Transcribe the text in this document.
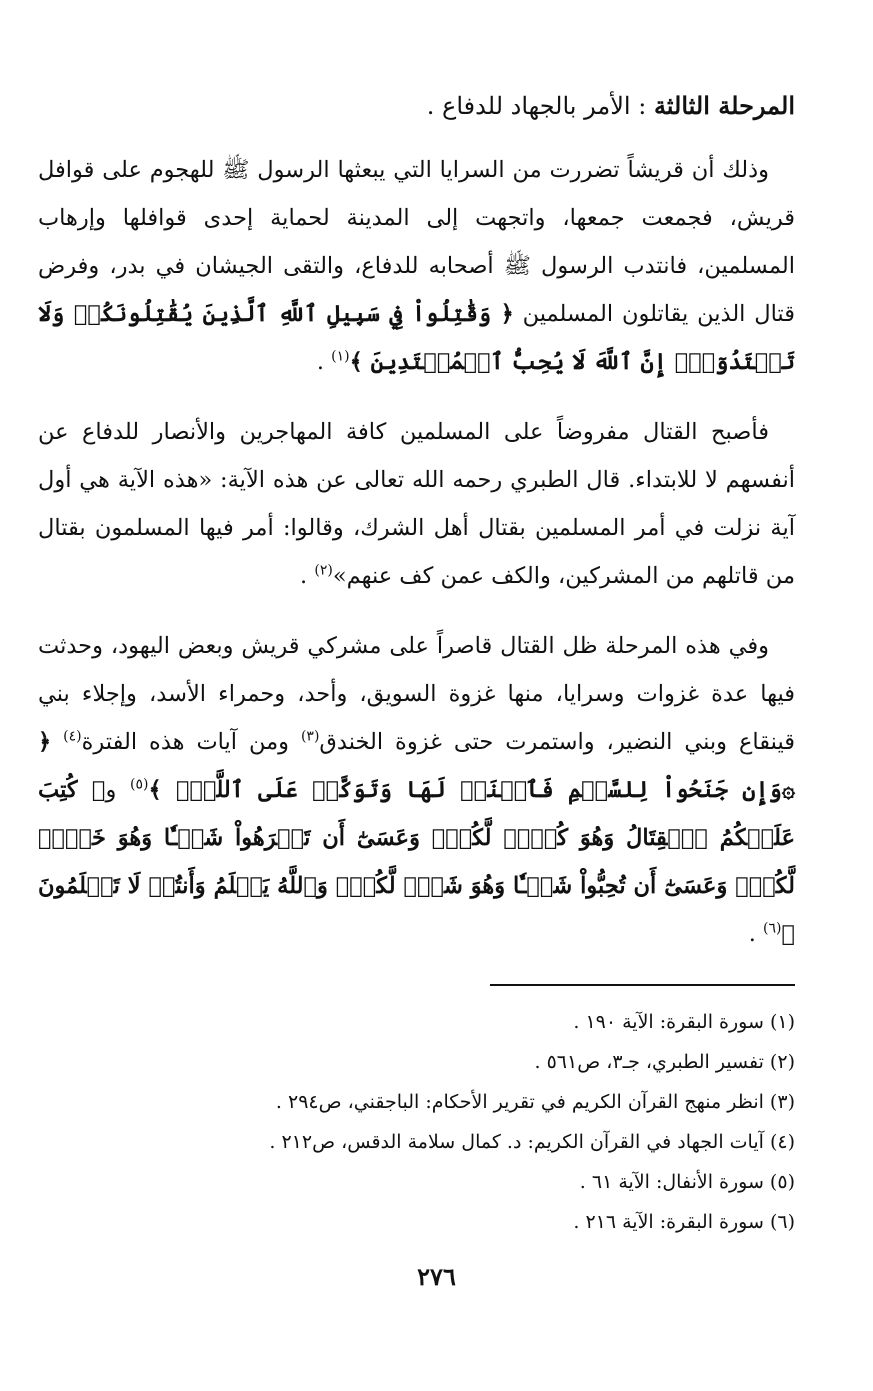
المرحلة الثالثة : الأمر بالجهاد للدفاع .

وذلك أن قريشاً تضررت من السرايا التي يبعثها الرسول ﷺ للهجوم على قوافل قريش، فجمعت جمعها، واتجهت إلى المدينة لحماية إحدى قوافلها وإرهاب المسلمين، فانتدب الرسول ﷺ أصحابه للدفاع، والتقى الجيشان في بدر، وفرض قتال الذين يقاتلون المسلمين ﴿ وَقَٰتِلُواْ فِي سَبِيلِ ٱللَّهِ ٱلَّذِينَ يُقَٰتِلُونَكُمۡ وَلَا تَعۡتَدُوٓاْۚ إِنَّ ٱللَّهَ لَا يُحِبُّ ٱلۡمُعۡتَدِينَ ﴾$^{(١)}$ .

فأصبح القتال مفروضاً على المسلمين كافة المهاجرين والأنصار للدفاع عن أنفسهم لا للابتداء. قال الطبري رحمه الله تعالى عن هذه الآية: «هذه الآية هي أول آية نزلت في أمر المسلمين بقتال أهل الشرك، وقالوا: أمر فيها المسلمون بقتال من قاتلهم من المشركين، والكف عمن كف عنهم»$^{(٢)}$ .

وفي هذه المرحلة ظل القتال قاصراً على مشركي قريش وبعض اليهود، وحدثت فيها عدة غزوات وسرايا، منها غزوة السويق، وأحد، وحمراء الأسد، وإجلاء بني قينقاع وبني النضير، واستمرت حتى غزوة الخندق$^{(٣)}$ ومن آيات هذه الفترة$^{(٤)}$ ﴿ ۞وَإِن جَنَحُواْ لِلسَّلۡمِ فَٱجۡنَحۡ لَهَا وَتَوَكَّلۡ عَلَى ٱللَّهِۚ ﴾$^{(٥)}$ و﴿ كُتِبَ عَلَيۡكُمُ ٱلۡقِتَالُ وَهُوَ كُرۡهٞ لَّكُمۡۖ وَعَسَىٰٓ أَن تَكۡرَهُواْ شَيۡـٔٗا وَهُوَ خَيۡرٞ لَّكُمۡۖ وَعَسَىٰٓ أَن تُحِبُّواْ شَيۡـٔٗا وَهُوَ شَرّٞ لَّكُمۡۚ وَٱللَّهُ يَعۡلَمُ وَأَنتُمۡ لَا تَعۡلَمُونَ ﴾$^{(٦)}$ .

(١) سورة البقرة: الآية ١٩٠ .
(٢) تفسير الطبري، جـ٣، ص٥٦١ .
(٣) انظر منهج القرآن الكريم في تقرير الأحكام: الباجقني، ص٢٩٤ .
(٤) آيات الجهاد في القرآن الكريم: د. كمال سلامة الدقس، ص٢١٢ .
(٥) سورة الأنفال: الآية ٦١ .
(٦) سورة البقرة: الآية ٢١٦ .
٢٧٦
